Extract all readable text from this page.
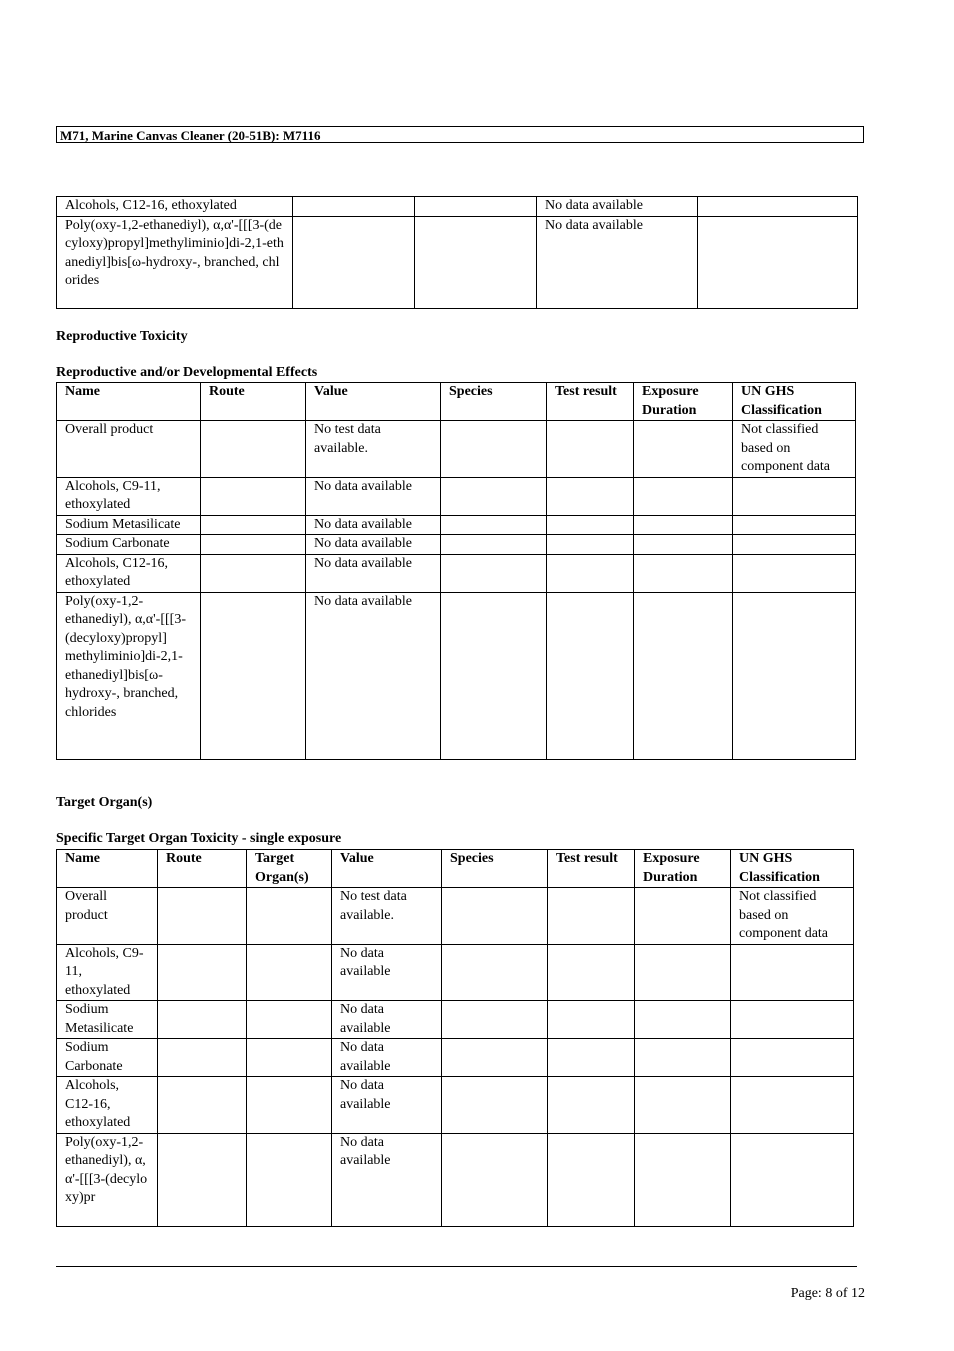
M71, Marine Canvas Cleaner (20-51B): M7116
Alcohols, C12-16, ethoxylated			No data available	
Poly(oxy-1,2-ethanediyl), α,α'-[[[3-(decyloxy)propyl]methyliminio]di-2,1-ethanediyl]bis[ω-hydroxy-, branched, chlorides			No data available	
Reproductive Toxicity
Reproductive and/or Developmental Effects
Name	Route	Value	Species	Test result	Exposure Duration	UN GHS Classification
Overall product		No test data available.				Not classified based on component data
Alcohols, C9-11, ethoxylated		No data available				
Sodium Metasilicate		No data available				
Sodium Carbonate		No data available				
Alcohols, C12-16, ethoxylated		No data available				
Poly(oxy-1,2-ethanediyl), α,α'-[[[3-(decyloxy)propyl] methyliminio]di-2,1-ethanediyl]bis[ω-hydroxy-, branched, chlorides		No data available				
Target Organ(s)
Specific Target Organ Toxicity - single exposure
Name	Route	Target Organ(s)	Value	Species	Test result	Exposure Duration	UN GHS Classification
Overall product			No test data available.				Not classified based on component data
Alcohols, C9-11, ethoxylated			No data available				
Sodium Metasilicate			No data available				
Sodium Carbonate			No data available				
Alcohols, C12-16, ethoxylated			No data available				
Poly(oxy-1,2-ethanediyl), α,α'-[[[3-(decyloxy)pr			No data available				
Page: 8 of 12
